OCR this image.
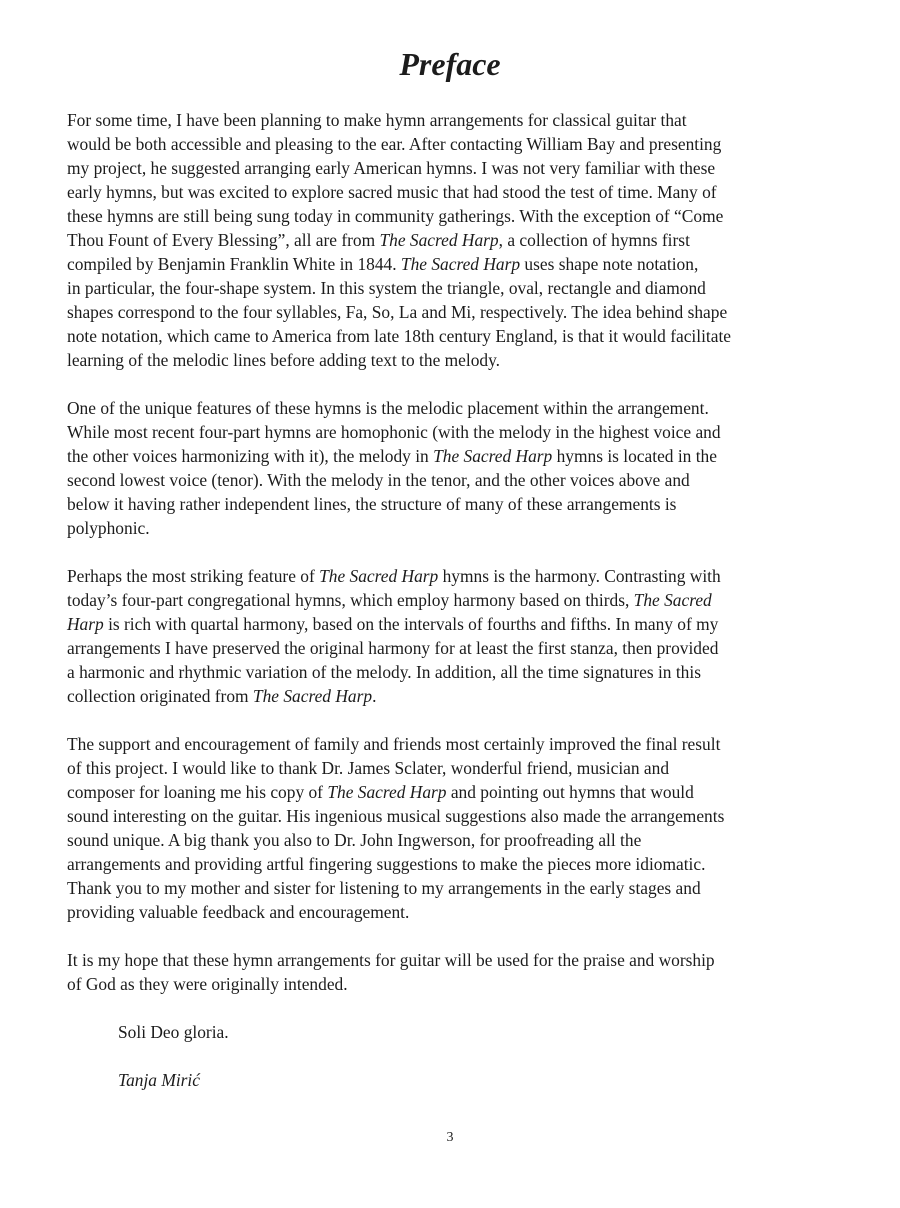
Preface

For some time, I have been planning to make hymn arrangements for classical guitar that
would be both accessible and pleasing to the ear. After contacting William Bay and presenting
my project, he suggested arranging early American hymns. I was not very familiar with these
early hymns, but was excited to explore sacred music that had stood the test of time. Many of
these hymns are still being sung today in community gatherings. With the exception of “Come
Thou Fount of Every Blessing”, all are from The Sacred Harp, a collection of hymns first
compiled by Benjamin Franklin White in 1844. The Sacred Harp uses shape note notation,
in particular, the four-shape system. In this system the triangle, oval, rectangle and diamond
shapes correspond to the four syllables, Fa, So, La and Mi, respectively. The idea behind shape
note notation, which came to America from late 18th century England, is that it would facilitate
learning of the melodic lines before adding text to the melody.

One of the unique features of these hymns is the melodic placement within the arrangement.
While most recent four-part hymns are homophonic (with the melody in the highest voice and
the other voices harmonizing with it), the melody in The Sacred Harp hymns is located in the
second lowest voice (tenor). With the melody in the tenor, and the other voices above and
below it having rather independent lines, the structure of many of these arrangements is
polyphonic.

Perhaps the most striking feature of The Sacred Harp hymns is the harmony. Contrasting with
today’s four-part congregational hymns, which employ harmony based on thirds, The Sacred
Harp is rich with quartal harmony, based on the intervals of fourths and fifths. In many of my
arrangements I have preserved the original harmony for at least the first stanza, then provided
a harmonic and rhythmic variation of the melody. In addition, all the time signatures in this
collection originated from The Sacred Harp.

The support and encouragement of family and friends most certainly improved the final result
of this project. I would like to thank Dr. James Sclater, wonderful friend, musician and
composer for loaning me his copy of The Sacred Harp and pointing out hymns that would
sound interesting on the guitar. His ingenious musical suggestions also made the arrangements
sound unique. A big thank you also to Dr. John Ingwerson, for proofreading all the
arrangements and providing artful fingering suggestions to make the pieces more idiomatic.
Thank you to my mother and sister for listening to my arrangements in the early stages and
providing valuable feedback and encouragement.

It is my hope that these hymn arrangements for guitar will be used for the praise and worship
of God as they were originally intended.

Soli Deo gloria.

Tanja Mirić

3
